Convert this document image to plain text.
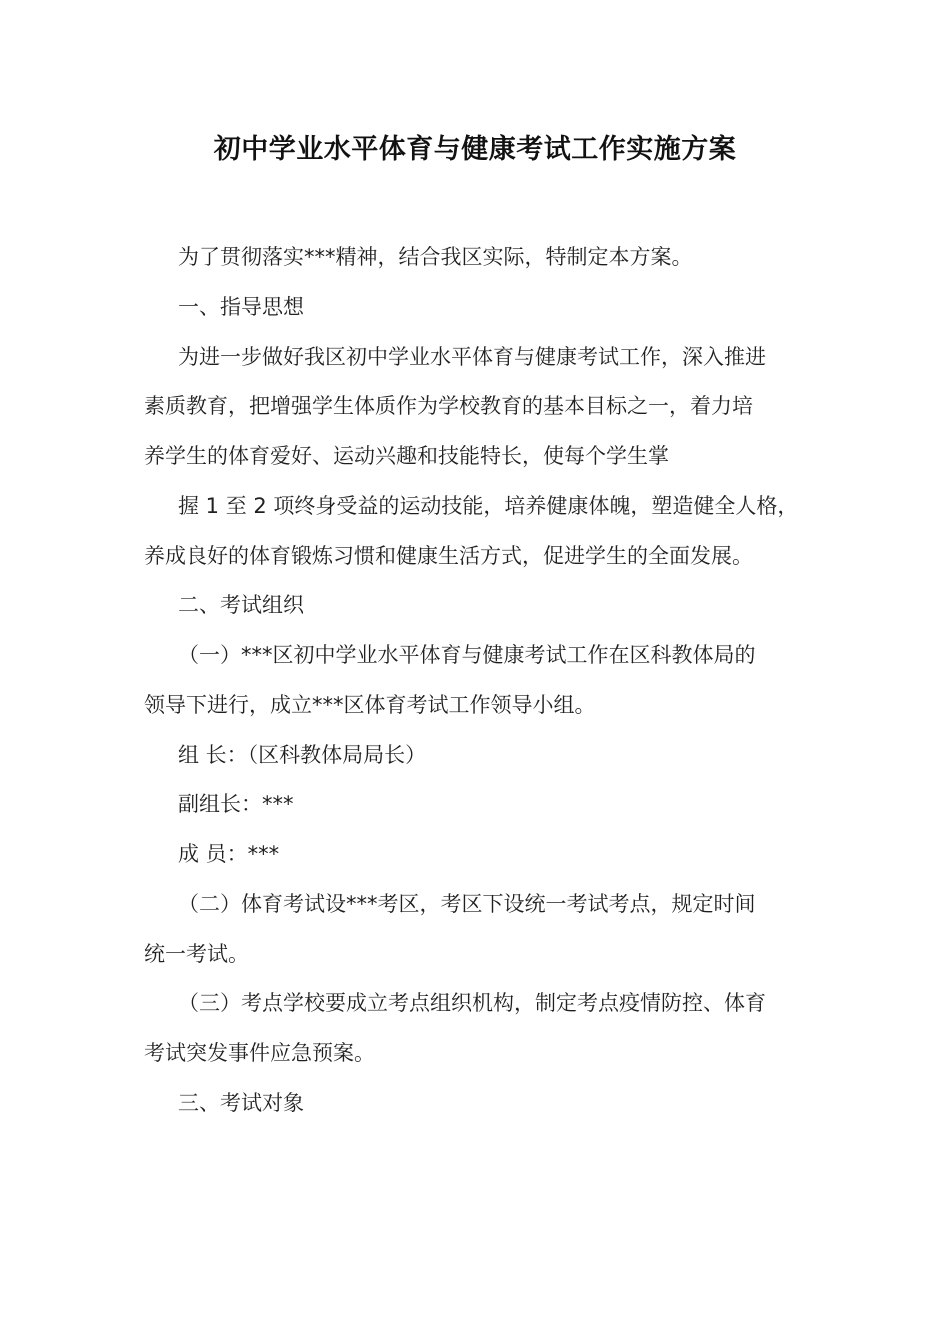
初中学业水平体育与健康考试工作实施方案
为了贯彻落实***精神，结合我区实际，特制定本方案。
一、指导思想
为进一步做好我区初中学业水平体育与健康考试工作，深入推进
素质教育，把增强学生体质作为学校教育的基本目标之一，着力培
养学生的体育爱好、运动兴趣和技能特长，使每个学生掌
握 1 至 2 项终身受益的运动技能，培养健康体魄，塑造健全人格，
养成良好的体育锻炼习惯和健康生活方式，促进学生的全面发展。
二、考试组织
（一）***区初中学业水平体育与健康考试工作在区科教体局的
领导下进行，成立***区体育考试工作领导小组。
组 长：（区科教体局局长）
副组长：***
成 员：***
（二）体育考试设***考区，考区下设统一考试考点，规定时间
统一考试。
（三）考点学校要成立考点组织机构，制定考点疫情防控、体育
考试突发事件应急预案。
三、考试对象
